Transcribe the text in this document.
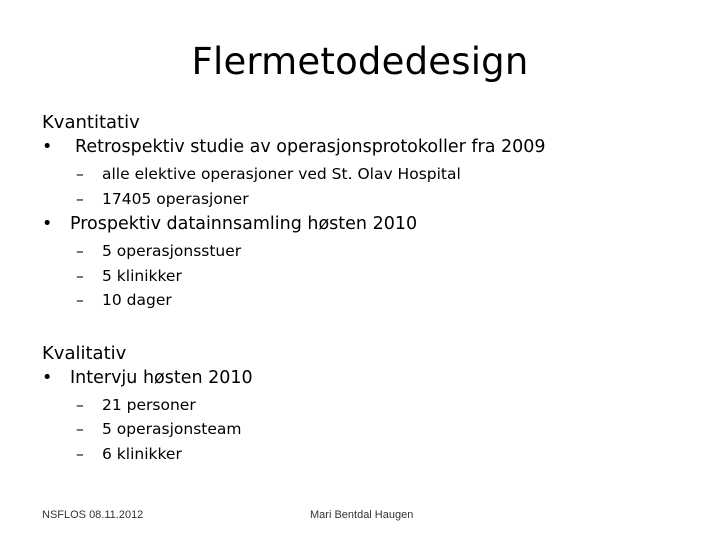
Flermetodedesign

Kvantitativ

• Retrospektiv studie av operasjonsprotokoller fra 2009
– alle elektive operasjoner ved St. Olav Hospital
– 17405 operasjoner
• Prospektiv datainnsamling høsten 2010
– 5 operasjonsstuer
– 5 klinikker
– 10 dager

Kvalitativ

• Intervju høsten 2010
– 21 personer
– 5 operasjonsteam
– 6 klinikker
NSFLOS 08.11.2012	Mari Bentdal Haugen
